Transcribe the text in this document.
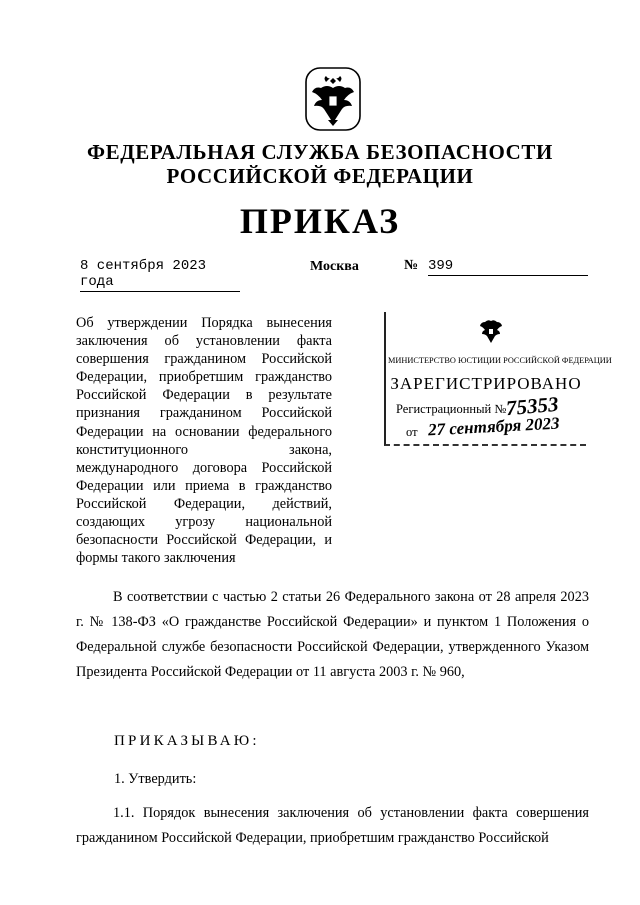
ФЕДЕРАЛЬНАЯ СЛУЖБА БЕЗОПАСНОСТИ
РОССИЙСКОЙ ФЕДЕРАЦИИ
ПРИКАЗ
8 сентября 2023 года
Москва	№ 399
Об утверждении Порядка вынесения заключения об установлении факта совершения гражданином Российской Федерации, приобретшим гражданство Российской Федерации в результате признания гражданином Российской Федерации на основании федерального конституционного закона, международного договора Российской Федерации или приема в гражданство Российской Федерации, действий, создающих угрозу национальной безопасности Российской Федерации, и формы такого заключения
МИНИСТЕРСТВО ЮСТИЦИИ РОССИЙСКОЙ ФЕДЕРАЦИИ
ЗАРЕГИСТРИРОВАНО
Регистрационный №
75353
от 27 сентября 2023
В соответствии с частью 2 статьи 26 Федерального закона от 28 апреля 2023 г. № 138-ФЗ «О гражданстве Российской Федерации» и пунктом 1 Положения о Федеральной службе безопасности Российской Федерации, утвержденного Указом Президента Российской Федерации от 11 августа 2003 г. № 960,
ПРИКАЗЫВАЮ:
1. Утвердить:
1.1. Порядок вынесения заключения об установлении факта совершения гражданином Российской Федерации, приобретшим гражданство Российской
